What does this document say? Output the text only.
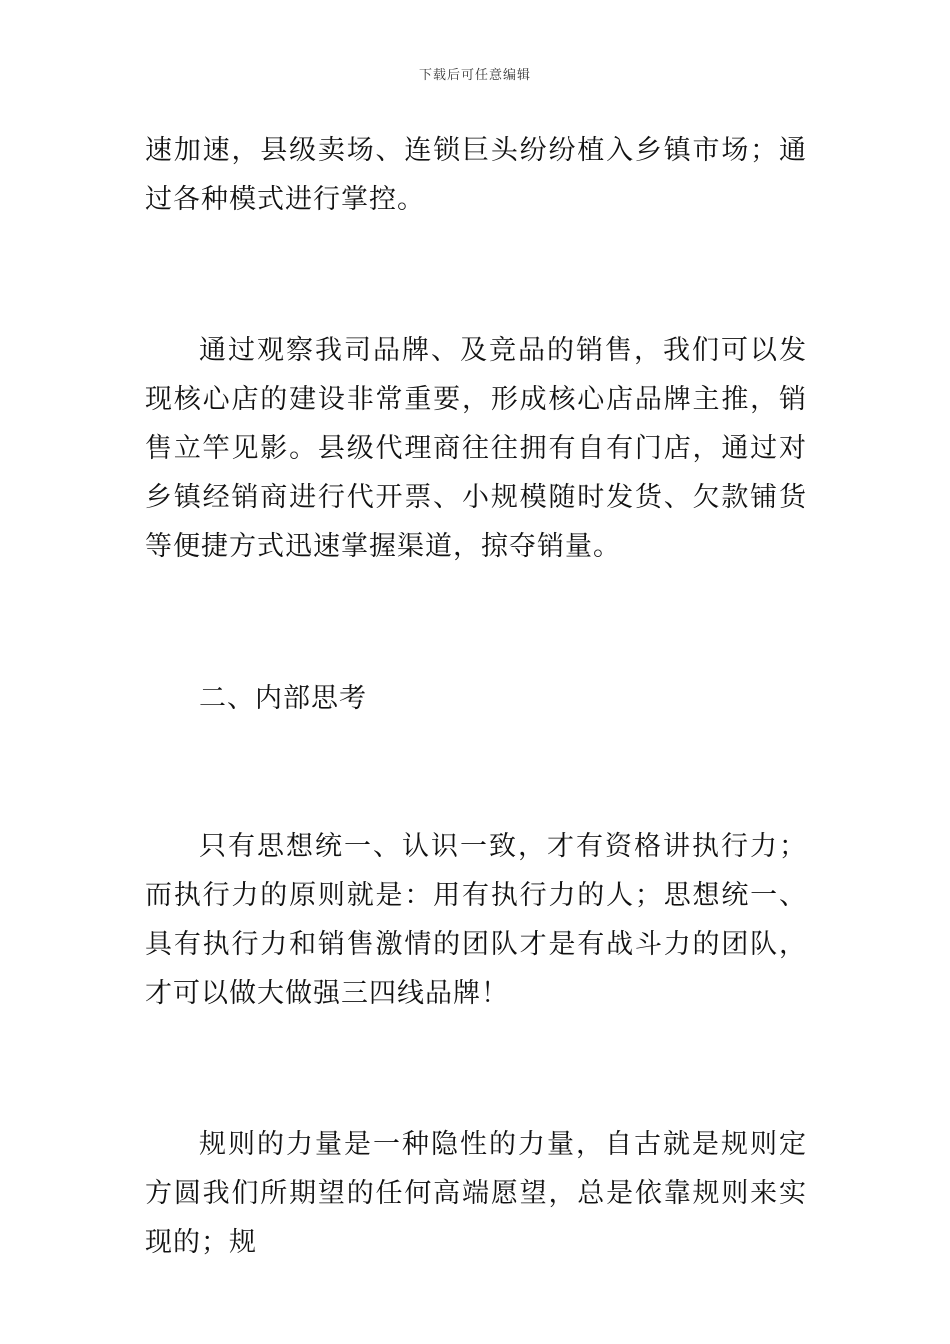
下载后可任意编辑

速加速，县级卖场、连锁巨头纷纷植入乡镇市场；通过各种模式进行掌控。

通过观察我司品牌、及竞品的销售，我们可以发现核心店的建设非常重要，形成核心店品牌主推，销售立竿见影。县级代理商往往拥有自有门店，通过对乡镇经销商进行代开票、小规模随时发货、欠款铺货等便捷方式迅速掌握渠道，掠夺销量。

二、内部思考

只有思想统一、认识一致，才有资格讲执行力；而执行力的原则就是：用有执行力的人；思想统一、具有执行力和销售激情的团队才是有战斗力的团队，才可以做大做强三四线品牌！

规则的力量是一种隐性的力量，自古就是规则定方圆我们所期望的任何高端愿望，总是依靠规则来实现的；规
